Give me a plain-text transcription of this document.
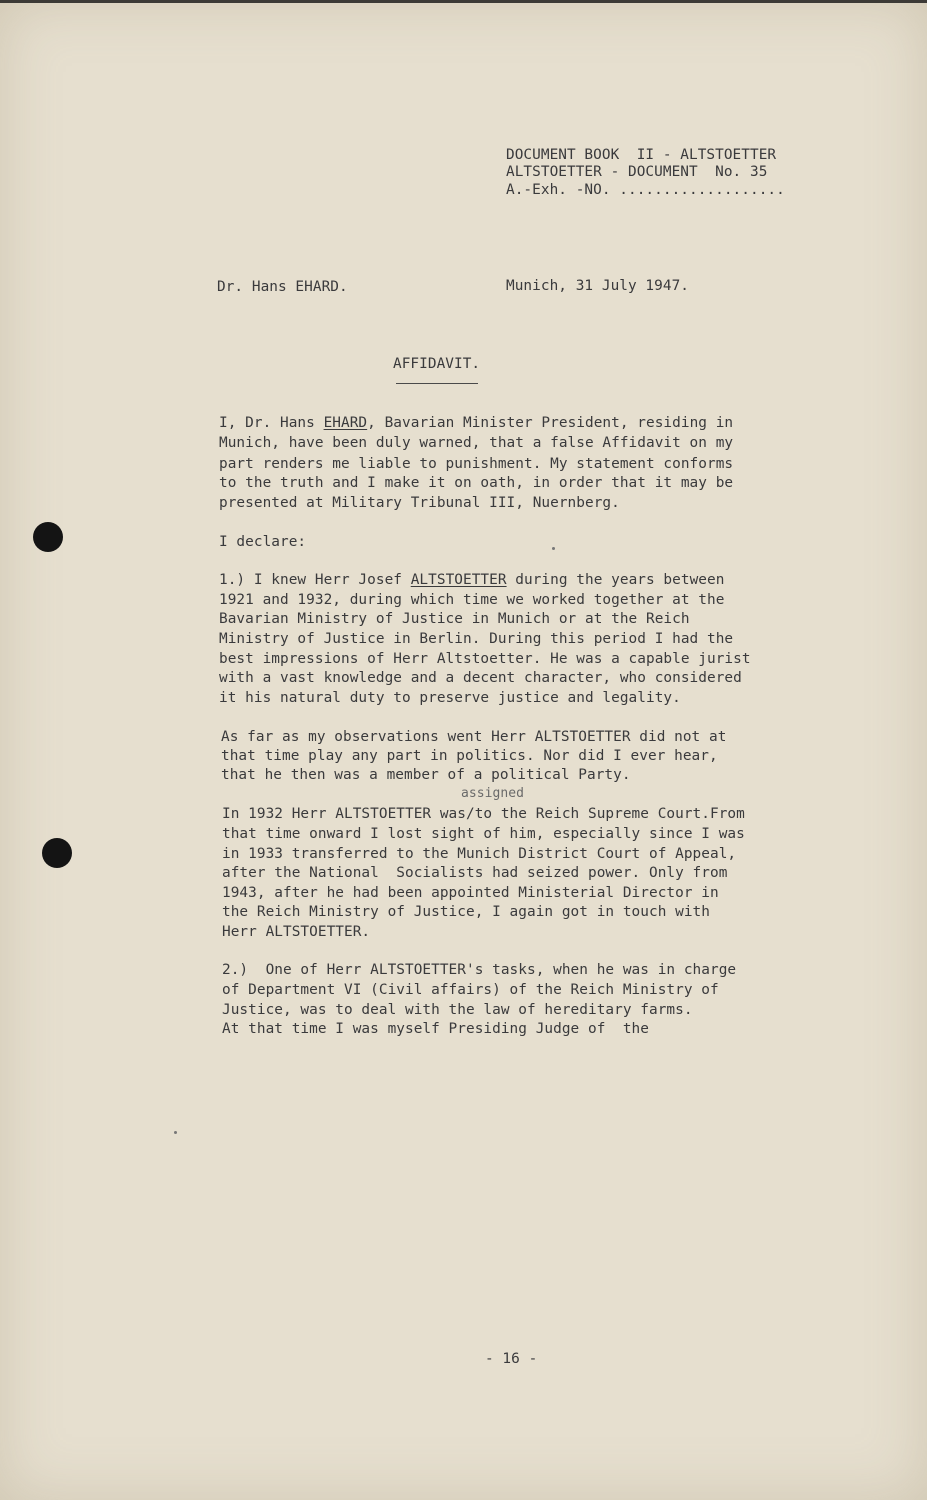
DOCUMENT BOOK  II - ALTSTOETTER
ALTSTOETTER - DOCUMENT  No. 35
A.-Exh. -NO. ...................
Dr. Hans EHARD.	Munich, 31 July 1947.
AFFIDAVIT.
I, Dr. Hans EHARD, Bavarian Minister President, residing in
Munich, have been duly warned, that a false Affidavit on my
part renders me liable to punishment. My statement conforms
to the truth and I make it on oath, in order that it may be
presented at Military Tribunal III, Nuernberg.
I declare:
1.) I knew Herr Josef ALTSTOETTER during the years between
1921 and 1932, during which time we worked together at the
Bavarian Ministry of Justice in Munich or at the Reich
Ministry of Justice in Berlin. During this period I had the
best impressions of Herr Altstoetter. He was a capable jurist
with a vast knowledge and a decent character, who considered
it his natural duty to preserve justice and legality.
As far as my observations went Herr ALTSTOETTER did not at
that time play any part in politics. Nor did I ever hear,
that he then was a member of a political Party.
assigned
In 1932 Herr ALTSTOETTER was/to the Reich Supreme Court.From
that time onward I lost sight of him, especially since I was
in 1933 transferred to the Munich District Court of Appeal,
after the National  Socialists had seized power. Only from
1943, after he had been appointed Ministerial Director in
the Reich Ministry of Justice, I again got in touch with
Herr ALTSTOETTER.
2.)  One of Herr ALTSTOETTER's tasks, when he was in charge
of Department VI (Civil affairs) of the Reich Ministry of
Justice, was to deal with the law of hereditary farms.
At that time I was myself Presiding Judge of  the
- 16 -
